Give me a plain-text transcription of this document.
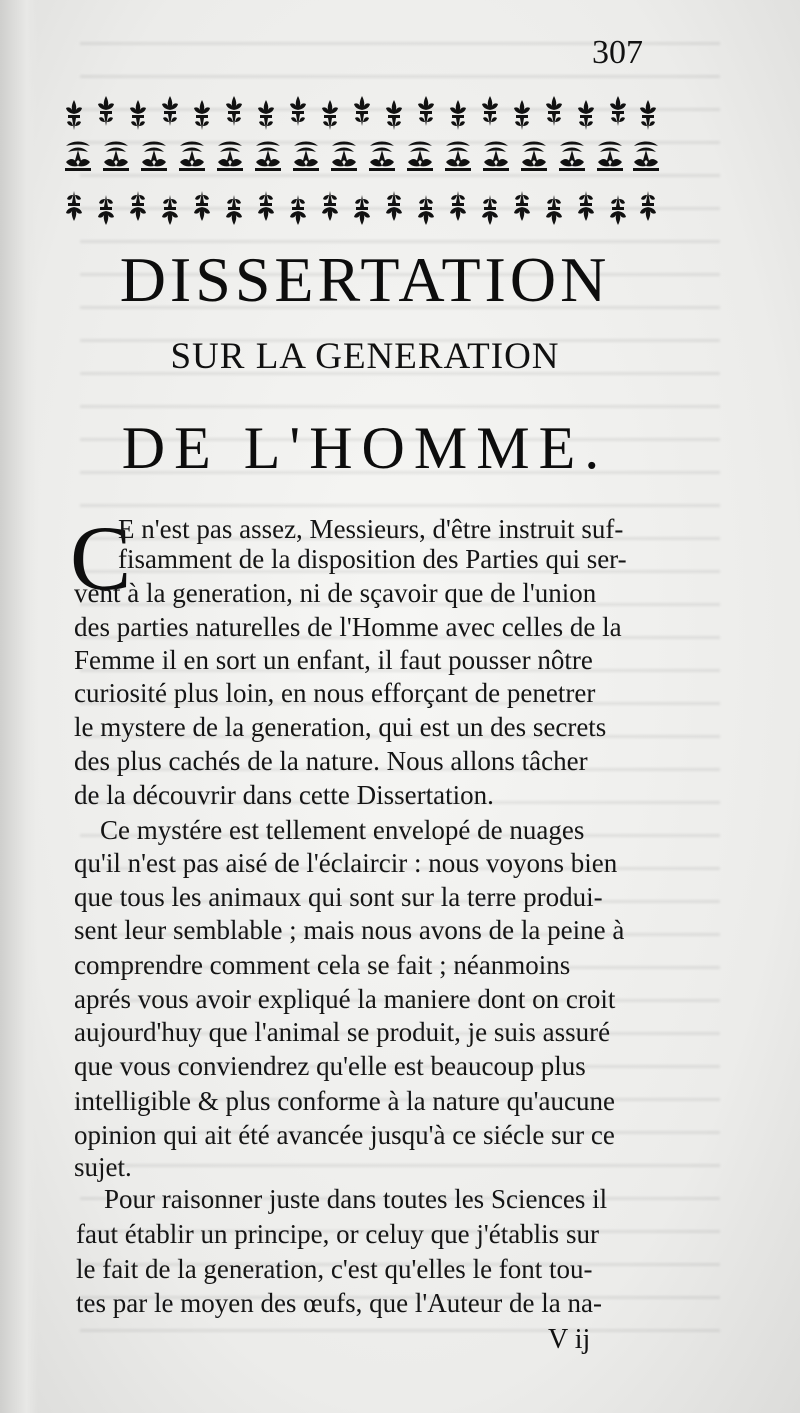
307
DISSERTATION
SUR LA GENERATION
DE L'HOMME.
C
E n'est pas assez, Messieurs, d'être instruit suf-
fisamment de la disposition des Parties qui ser-
vent à la generation, ni de sçavoir que de l'union
des parties naturelles de l'Homme avec celles de la
Femme il en sort un enfant, il faut pousser nôtre
curiosité plus loin, en nous efforçant de penetrer
le mystere de la generation, qui est un des secrets
des plus cachés de la nature. Nous allons tâcher
de la découvrir dans cette Dissertation.
Ce mystére est tellement envelopé de nuages
qu'il n'est pas aisé de l'éclaircir : nous voyons bien
que tous les animaux qui sont sur la terre produi-
sent leur semblable ; mais nous avons de la peine à
comprendre comment cela se fait ; néanmoins
aprés vous avoir expliqué la maniere dont on croit
aujourd'huy que l'animal se produit, je suis assuré
que vous conviendrez qu'elle est beaucoup plus
intelligible & plus conforme à la nature qu'aucune
opinion qui ait été avancée jusqu'à ce siécle sur ce
sujet.
Pour raisonner juste dans toutes les Sciences il
faut établir un principe, or celuy que j'établis sur
le fait de la generation, c'est qu'elles le font tou-
tes par le moyen des œufs, que l'Auteur de la na-
V ij
